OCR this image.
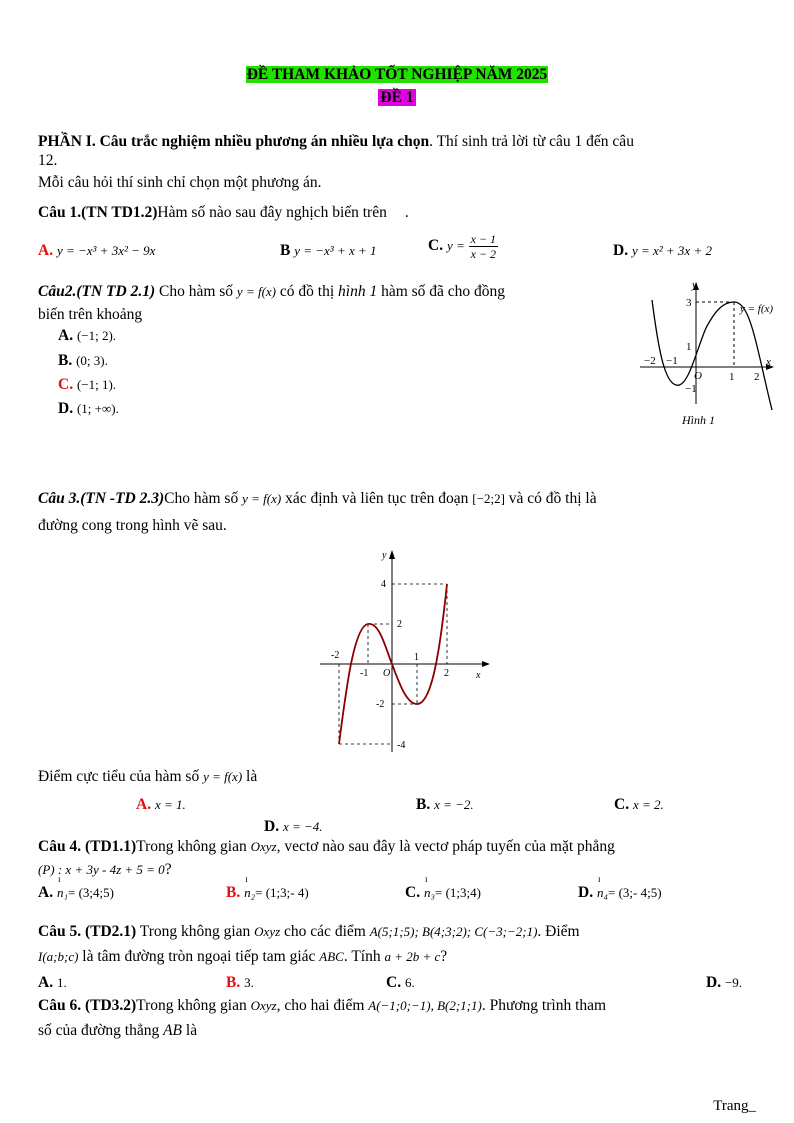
ĐỀ THAM KHẢO TỐT NGHIỆP NĂM 2025
ĐỀ 1
PHẦN I. Câu trắc nghiệm nhiều phương án nhiều lựa chọn. Thí sinh trả lời từ câu 1 đến câu
12.
Mỗi câu hỏi thí sinh chỉ chọn một phương án.
Câu 1.(TN TD1.2)Hàm số nào sau đây nghịch biến trên .
A. y = −x³ + 3x² − 9x	B y = −x³ + x + 1	C. $y = \frac{x - 1}{x - 2}$	D. y = x² + 3x + 2
Câu2.(TN TD 2.1) Cho hàm số y = f(x) có đồ thị hình 1 hàm số đã cho đồng
biến trên khoảng
A. (−1; 2).
B. (0; 3).
C. (−1; 1).
D. (1; +∞).
y
x
y = f(x)
3
1
−1
−2 −1
O 1 2
Hình 1
Câu 3.(TN -TD 2.3)Cho hàm số y = f(x) xác định và liên tục trên đoạn [−2;2] và có đồ thị là
đường cong trong hình vẽ sau.
y
x
4
2
-2
-4
-2
-1 O
1
2
Điểm cực tiểu của hàm số y = f(x) là
A. x = 1.	B. x = −2.	C. x = 2.
D. x = −4.
Câu 4. (TD1.1)Trong không gian Oxyz, vectơ nào sau đây là vectơ pháp tuyến của mặt phẳng
(P) : x + 3y - 4z + 5 = 0?
A. ɪ n₁= (3;4;5)	B. ɪ n₂= (1;3;- 4)	C. ɪ n₃= (1;3;4)	D. ɪ n₄= (3;- 4;5)
Câu 5. (TD2.1) Trong không gian Oxyz cho các điểm A(5;1;5); B(4;3;2); C(−3;−2;1). Điểm
I(a;b;c) là tâm đường tròn ngoại tiếp tam giác ABC. Tính a + 2b + c?
A. 1.	B. 3.	C. 6.	D. −9.
Câu 6. (TD3.2)Trong không gian Oxyz, cho hai điểm A(−1;0;−1), B(2;1;1). Phương trình tham
số của đường thẳng AB là
Trang_
